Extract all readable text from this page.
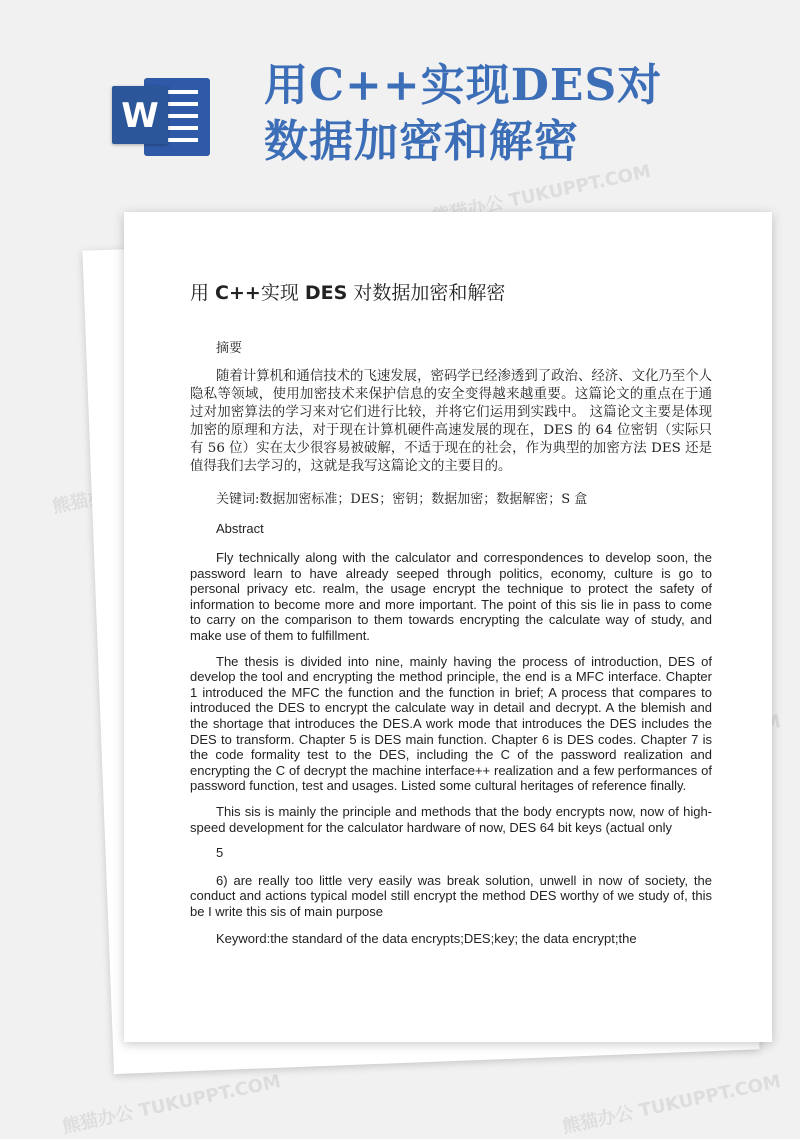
W
用C++实现DES对
数据加密和解密
熊猫办公 TUKUPPT.COM
熊猫办公
熊猫办公 TUKUPPT.COM	熊猫办公 TUKUPPT.COM
用 C++实现 DES 对数据加密和解密

摘要

随着计算机和通信技术的飞速发展，密码学已经渗透到了政治、经济、文化乃至个人隐私等领域，使用加密技术来保护信息的安全变得越来越重要。这篇论文的重点在于通过对加密算法的学习来对它们进行比较，并将它们运用到实践中。 这篇论文主要是体现加密的原理和方法，对于现在计算机硬件高速发展的现在，DES 的 64 位密钥（实际只有 56 位）实在太少很容易被破解，不适于现在的社会，作为典型的加密方法 DES 还是值得我们去学习的，这就是我写这篇论文的主要目的。

关键词:数据加密标准；DES；密钥；数据加密；数据解密；S 盒

Abstract

Fly technically along with the calculator and correspondences to develop soon, the password learn to have already seeped through politics, economy, culture is go to personal privacy etc. realm, the usage encrypt the technique to protect the safety of information to become more and more important. The point of this sis lie in pass to come to carry on the comparison to them towards encrypting the calculate way of study, and make use of them to fulfillment.

The thesis is divided into nine, mainly having the process of introduction, DES of develop the tool and encrypting the method principle, the end is a MFC interface. Chapter 1 introduced the MFC the function and the function in brief; A process that compares to introduced the DES to encrypt the calculate way in detail and decrypt. A the blemish and the shortage that introduces the DES.A work mode that introduces the DES includes the DES to transform. Chapter 5 is DES main function. Chapter 6 is DES codes. Chapter 7 is the code formality test to the DES, including the C of the password realization and encrypting the C of decrypt the machine interface++ realization and a few performances of password function, test and usages. Listed some cultural heritages of reference finally.

This sis is mainly the principle and methods that the body encrypts now, now of high-speed development for the calculator hardware of now, DES 64 bit keys (actual only

5

6) are really too little very easily was break solution, unwell in now of society, the conduct and actions typical model still encrypt the method DES worthy of we study of, this be I write this sis of main purpose

Keyword:the standard of the data encrypts;DES;key; the data encrypt;the
